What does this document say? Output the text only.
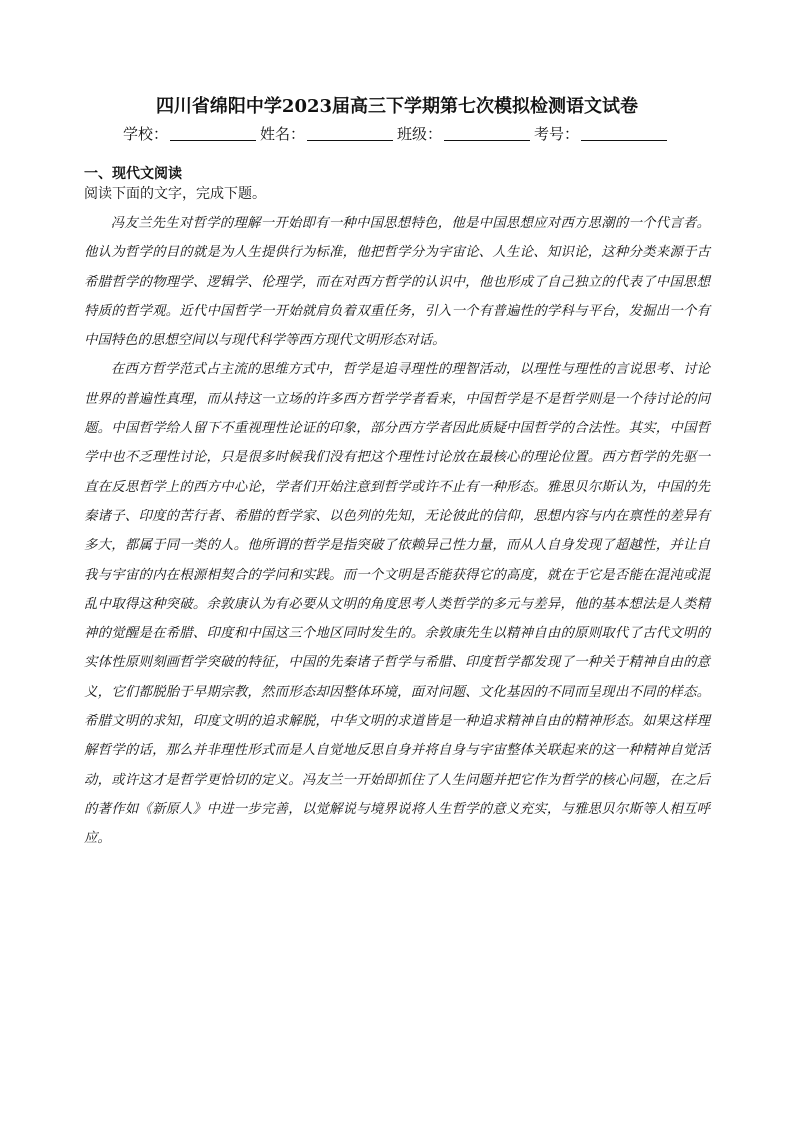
四川省绵阳中学2023届高三下学期第七次模拟检测语文试卷
学校：	姓名：	班级：	考号：
一、现代文阅读
阅读下面的文字，完成下题。

冯友兰先生对哲学的理解一开始即有一种中国思想特色，他是中国思想应对西方思潮的一个代言者。他认为哲学的目的就是为人生提供行为标准，他把哲学分为宇宙论、人生论、知识论，这种分类来源于古希腊哲学的物理学、逻辑学、伦理学，而在对西方哲学的认识中，他也形成了自己独立的代表了中国思想特质的哲学观。近代中国哲学一开始就肩负着双重任务，引入一个有普遍性的学科与平台，发掘出一个有中国特色的思想空间以与现代科学等西方现代文明形态对话。

在西方哲学范式占主流的思维方式中，哲学是追寻理性的理智活动，以理性与理性的言说思考、讨论世界的普遍性真理，而从持这一立场的许多西方哲学学者看来，中国哲学是不是哲学则是一个待讨论的问题。中国哲学给人留下不重视理性论证的印象，部分西方学者因此质疑中国哲学的合法性。其实，中国哲学中也不乏理性讨论，只是很多时候我们没有把这个理性讨论放在最核心的理论位置。西方哲学的先驱一直在反思哲学上的西方中心论，学者们开始注意到哲学或许不止有一种形态。雅思贝尔斯认为，中国的先秦诸子、印度的苦行者、希腊的哲学家、以色列的先知，无论彼此的信仰，思想内容与内在禀性的差异有多大，都属于同一类的人。他所谓的哲学是指突破了依赖异己性力量，而从人自身发现了超越性，并让自我与宇宙的内在根源相契合的学问和实践。而一个文明是否能获得它的高度，就在于它是否能在混沌或混乱中取得这种突破。余敦康认为有必要从文明的角度思考人类哲学的多元与差异，他的基本想法是人类精神的觉醒是在希腊、印度和中国这三个地区同时发生的。余敦康先生以精神自由的原则取代了古代文明的实体性原则刻画哲学突破的特征，中国的先秦诸子哲学与希腊、印度哲学都发现了一种关于精神自由的意义，它们都脱胎于早期宗教，然而形态却因整体环境，面对问题、文化基因的不同而呈现出不同的样态。希腊文明的求知，印度文明的追求解脱，中华文明的求道皆是一种追求精神自由的精神形态。如果这样理解哲学的话，那么并非理性形式而是人自觉地反思自身并将自身与宇宙整体关联起来的这一种精神自觉活动，或许这才是哲学更恰切的定义。冯友兰一开始即抓住了人生问题并把它作为哲学的核心问题，在之后的著作如《新原人》中进一步完善，以觉解说与境界说将人生哲学的意义充实，与雅思贝尔斯等人相互呼应。
